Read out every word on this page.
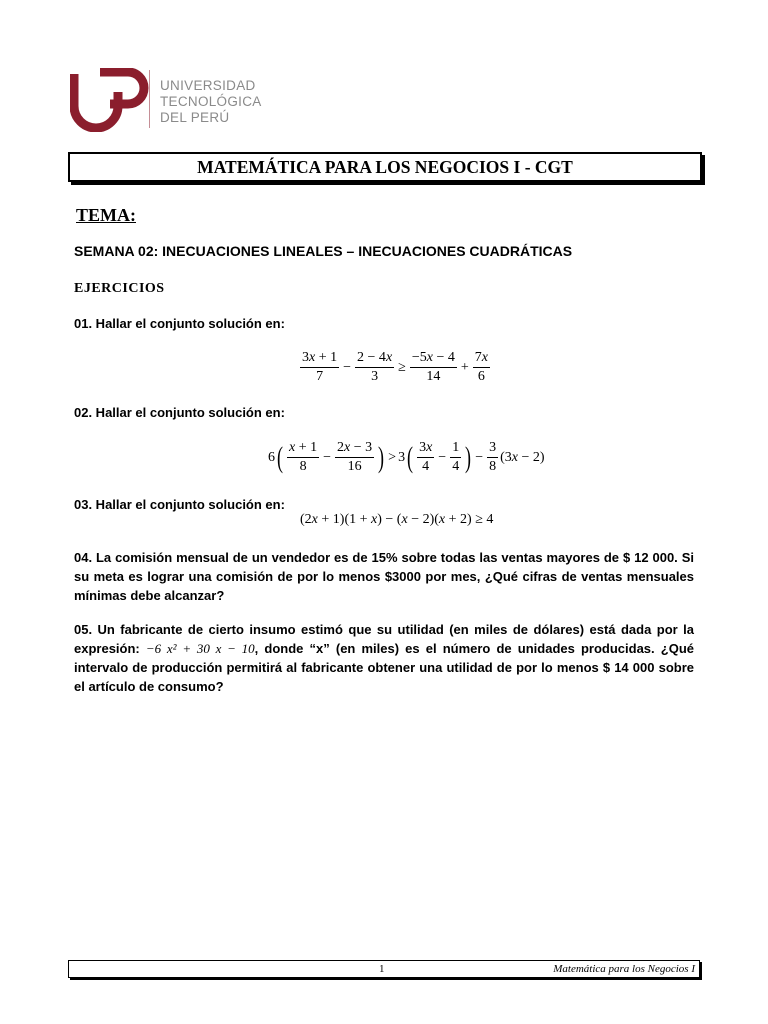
UNIVERSIDAD
TECNOLÓGICA
DEL PERÚ
MATEMÁTICA PARA LOS NEGOCIOS I - CGT
TEMA:
SEMANA 02: INECUACIONES LINEALES – INECUACIONES CUADRÁTICAS
EJERCICIOS
01. Hallar el conjunto solución en:
$\frac{3x + 1}{7} - \frac{2 - 4x}{3} \ge \frac{-5x - 4}{14} + \frac{7x}{6}$
02. Hallar el conjunto solución en:
6 ( $\frac{x + 1}{8} - \frac{2x - 3}{16}$ ) > 3 ( $\frac{3x}{4} - \frac{1}{4}$ ) − $\frac{3}{8} (3x - 2)$
03. Hallar el conjunto solución en:
(2x + 1)(1 + x) − (x − 2)(x + 2) ≥ 4
04. La comisión mensual de un vendedor es de 15% sobre todas las ventas mayores de $ 12 000. Si su meta es lograr una comisión de por lo menos $3000 por mes, ¿Qué cifras de ventas mensuales mínimas debe alcanzar?
05. Un fabricante de cierto insumo estimó que su utilidad (en miles de dólares) está dada por la expresión: −6 x² + 30 x − 10, donde “x” (en miles) es el número de unidades producidas. ¿Qué intervalo de producción permitirá al fabricante obtener una utilidad de por lo menos $ 14 000 sobre el artículo de consumo?
1	Matemática para los Negocios I
